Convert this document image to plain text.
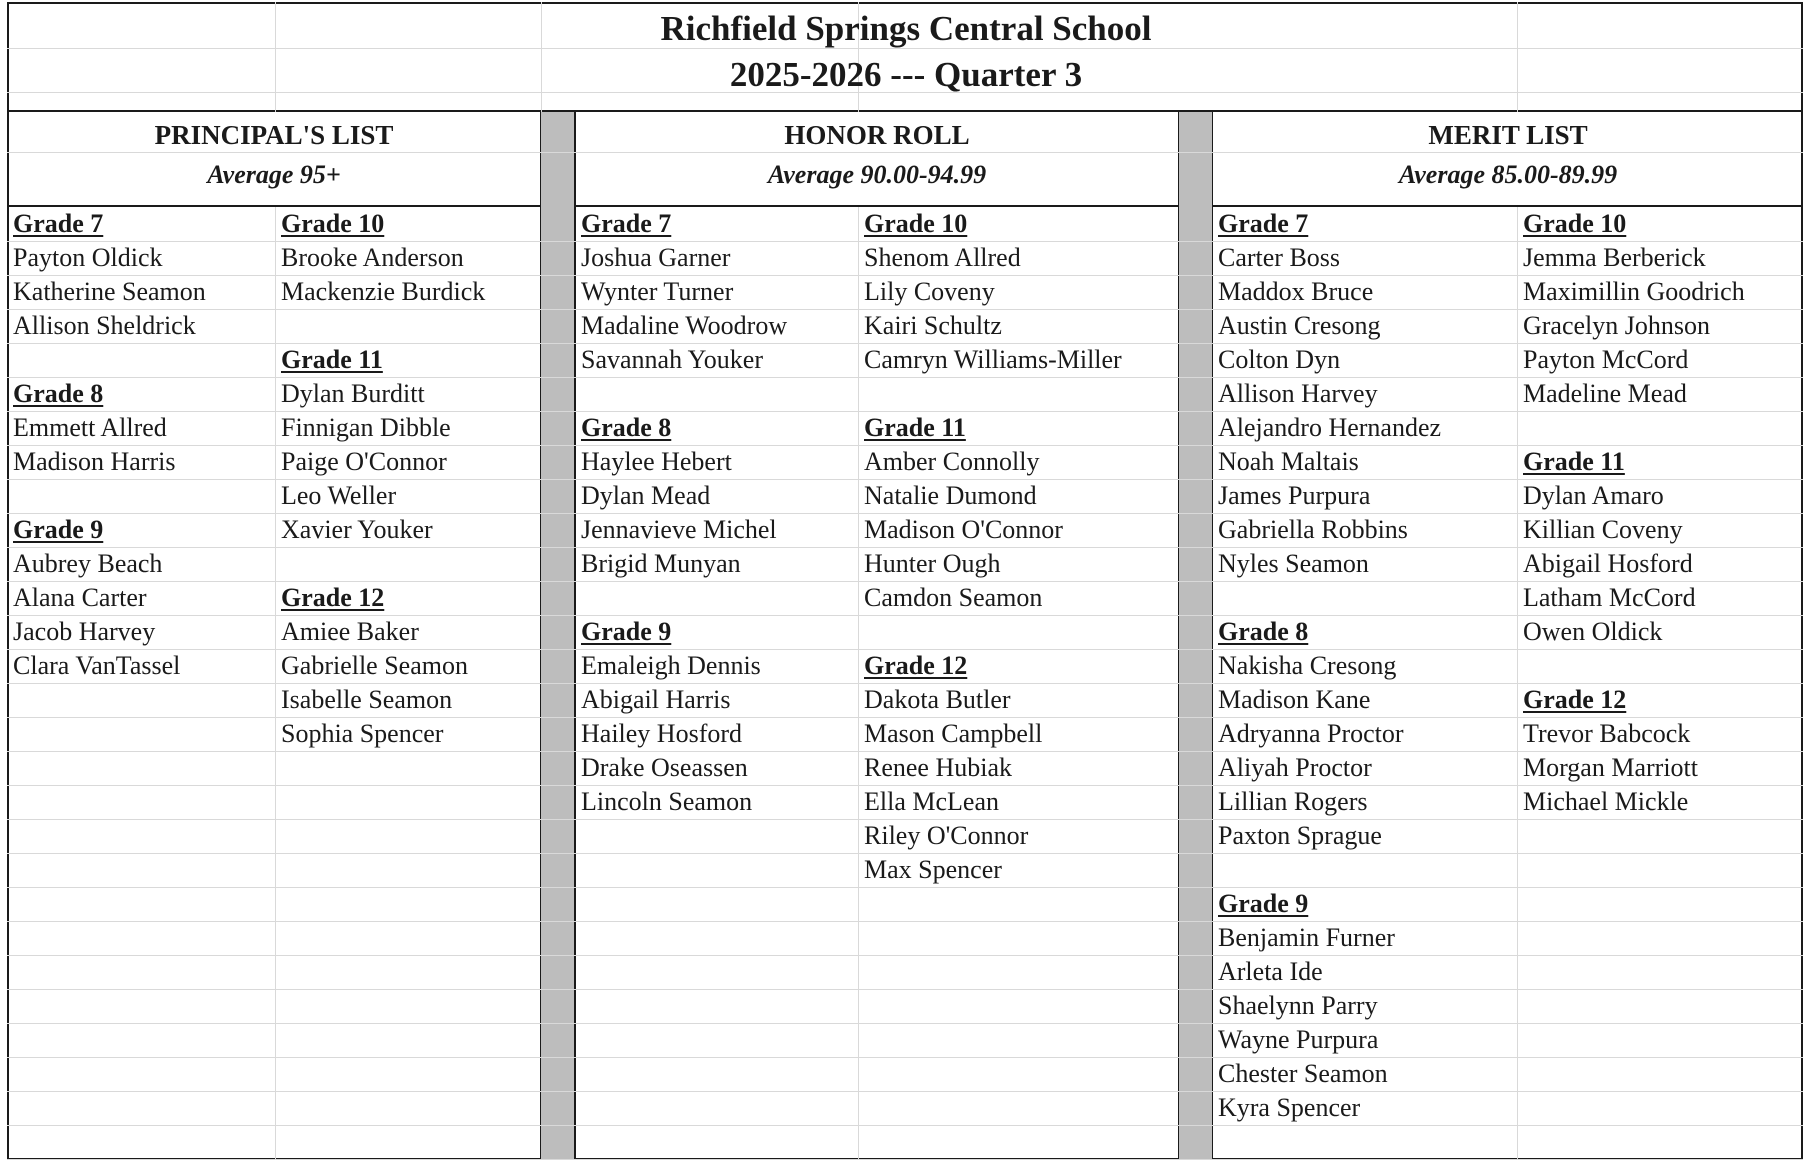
Richfield Springs Central School
2025-2026 --- Quarter 3
PRINCIPAL'S LIST
Average 95+
HONOR ROLL
Average 90.00-94.99
MERIT LIST
Average 85.00-89.99
Grade 7
Payton Oldick
Katherine Seamon
Allison Sheldrick
Grade 8
Emmett Allred
Madison Harris
Grade 9
Aubrey Beach
Alana Carter
Jacob Harvey
Clara VanTassel
Grade 10
Brooke Anderson
Mackenzie Burdick
Grade 11
Dylan Burditt
Finnigan Dibble
Paige O'Connor
Leo Weller
Xavier Youker
Grade 12
Amiee Baker
Gabrielle Seamon
Isabelle Seamon
Sophia Spencer
Grade 7
Joshua Garner
Wynter Turner
Madaline Woodrow
Savannah Youker
Grade 8
Haylee Hebert
Dylan Mead
Jennavieve Michel
Brigid Munyan
Grade 9
Emaleigh Dennis
Abigail Harris
Hailey Hosford
Drake Oseassen
Lincoln Seamon
Grade 10
Shenom Allred
Lily Coveny
Kairi Schultz
Camryn Williams-Miller
Grade 11
Amber Connolly
Natalie Dumond
Madison O'Connor
Hunter Ough
Camdon Seamon
Grade 12
Dakota Butler
Mason Campbell
Renee Hubiak
Ella McLean
Riley O'Connor
Max Spencer
Grade 7
Carter Boss
Maddox Bruce
Austin Cresong
Colton Dyn
Allison Harvey
Alejandro Hernandez
Noah Maltais
James Purpura
Gabriella Robbins
Nyles Seamon
Grade 8
Nakisha Cresong
Madison Kane
Adryanna Proctor
Aliyah Proctor
Lillian Rogers
Paxton Sprague
Grade 9
Benjamin Furner
Arleta Ide
Shaelynn Parry
Wayne Purpura
Chester Seamon
Kyra Spencer
Grade 10
Jemma Berberick
Maximillin Goodrich
Gracelyn Johnson
Payton McCord
Madeline Mead
Grade 11
Dylan Amaro
Killian Coveny
Abigail Hosford
Latham McCord
Owen Oldick
Grade 12
Trevor Babcock
Morgan Marriott
Michael Mickle
